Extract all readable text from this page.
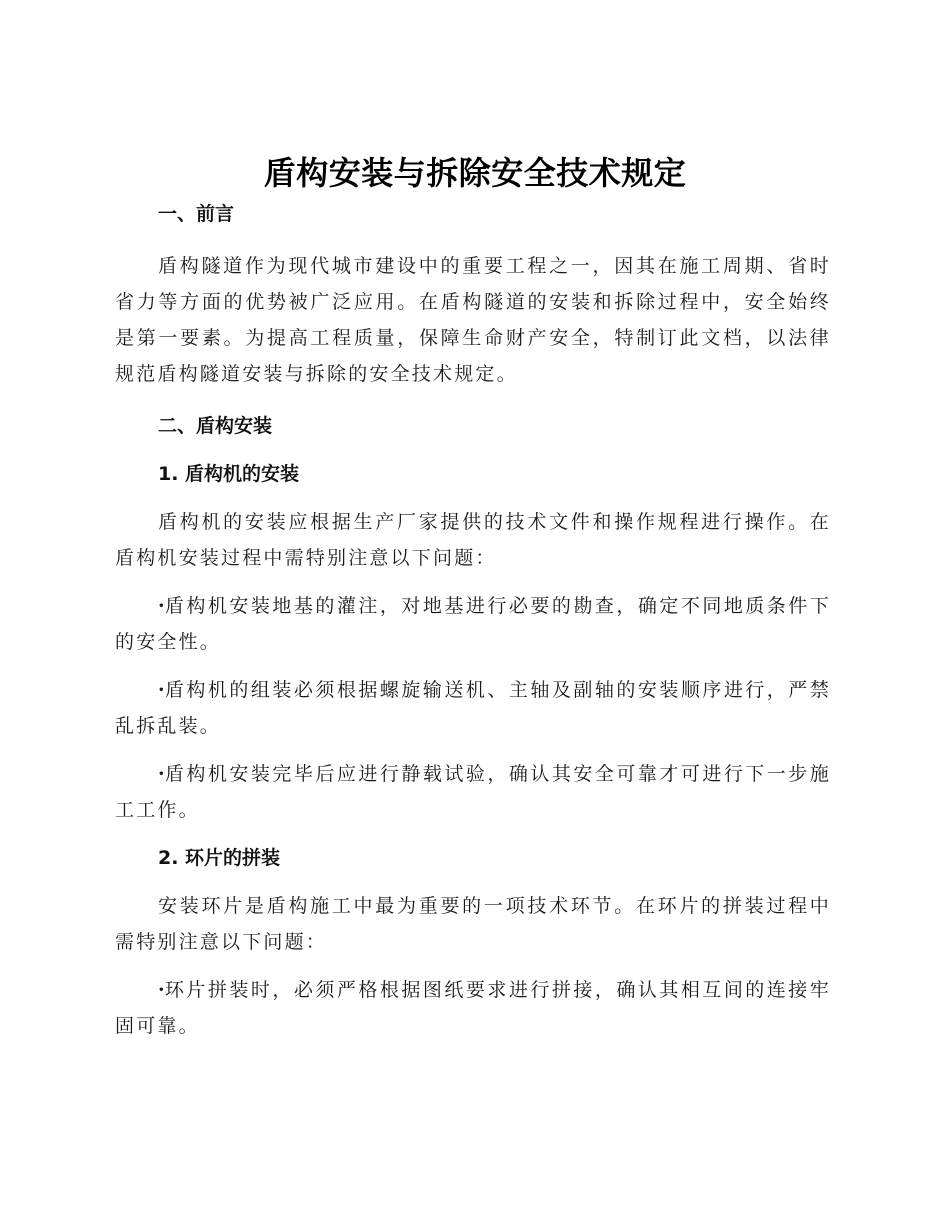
盾构安装与拆除安全技术规定

一、前言

盾构隧道作为现代城市建设中的重要工程之一，因其在施工周期、省时省力等方面的优势被广泛应用。在盾构隧道的安装和拆除过程中，安全始终是第一要素。为提高工程质量，保障生命财产安全，特制订此文档，以法律规范盾构隧道安装与拆除的安全技术规定。

二、盾构安装

1. 盾构机的安装

盾构机的安装应根据生产厂家提供的技术文件和操作规程进行操作。在盾构机安装过程中需特别注意以下问题：

·盾构机安装地基的灌注，对地基进行必要的勘查，确定不同地质条件下的安全性。

·盾构机的组装必须根据螺旋输送机、主轴及副轴的安装顺序进行，严禁乱拆乱装。

·盾构机安装完毕后应进行静载试验，确认其安全可靠才可进行下一步施工工作。

2. 环片的拼装

安装环片是盾构施工中最为重要的一项技术环节。在环片的拼装过程中需特别注意以下问题：

·环片拼装时，必须严格根据图纸要求进行拼接，确认其相互间的连接牢固可靠。
